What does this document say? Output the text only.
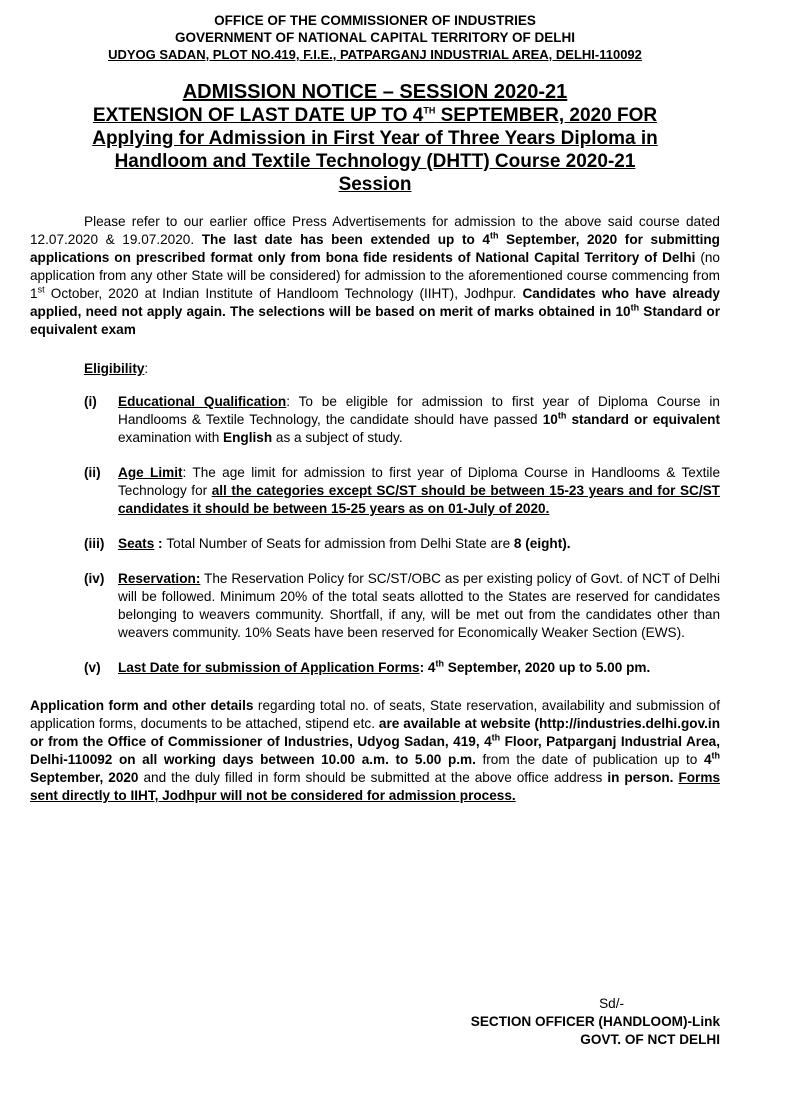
OFFICE OF THE COMMISSIONER OF INDUSTRIES
GOVERNMENT OF NATIONAL CAPITAL TERRITORY OF DELHI
UDYOG SADAN, PLOT NO.419, F.I.E., PATPARGANJ INDUSTRIAL AREA, DELHI-110092
ADMISSION NOTICE – SESSION 2020-21
EXTENSION OF LAST DATE UP TO 4TH SEPTEMBER, 2020 FOR
Applying for Admission in First Year of Three Years Diploma in
Handloom and Textile Technology (DHTT) Course 2020-21
Session
Please refer to our earlier office Press Advertisements for admission to the above said course dated 12.07.2020 & 19.07.2020. The last date has been extended up to 4th September, 2020 for submitting applications on prescribed format only from bona fide residents of National Capital Territory of Delhi (no application from any other State will be considered) for admission to the aforementioned course commencing from 1st October, 2020 at Indian Institute of Handloom Technology (IIHT), Jodhpur. Candidates who have already applied, need not apply again. The selections will be based on merit of marks obtained in 10th Standard or equivalent exam
Eligibility:
(i)	Educational Qualification: To be eligible for admission to first year of Diploma Course in Handlooms & Textile Technology, the candidate should have passed 10th standard or equivalent examination with English as a subject of study.
(ii)	Age Limit: The age limit for admission to first year of Diploma Course in Handlooms & Textile Technology for all the categories except SC/ST should be between 15-23 years and for SC/ST candidates it should be between 15-25 years as on 01-July of 2020.
(iii)	Seats : Total Number of Seats for admission from Delhi State are 8 (eight).
(iv)	Reservation: The Reservation Policy for SC/ST/OBC as per existing policy of Govt. of NCT of Delhi will be followed. Minimum 20% of the total seats allotted to the States are reserved for candidates belonging to weavers community. Shortfall, if any, will be met out from the candidates other than weavers community. 10% Seats have been reserved for Economically Weaker Section (EWS).
(v)	Last Date for submission of Application Forms: 4th September, 2020 up to 5.00 pm.
Application form and other details regarding total no. of seats, State reservation, availability and submission of application forms, documents to be attached, stipend etc. are available at website (http://industries.delhi.gov.in or from the Office of Commissioner of Industries, Udyog Sadan, 419, 4th Floor, Patparganj Industrial Area, Delhi-110092 on all working days between 10.00 a.m. to 5.00 p.m. from the date of publication up to 4th September, 2020 and the duly filled in form should be submitted at the above office address in person. Forms sent directly to IIHT, Jodhpur will not be considered for admission process.
Sd/-
SECTION OFFICER (HANDLOOM)-Link
GOVT. OF NCT DELHI
